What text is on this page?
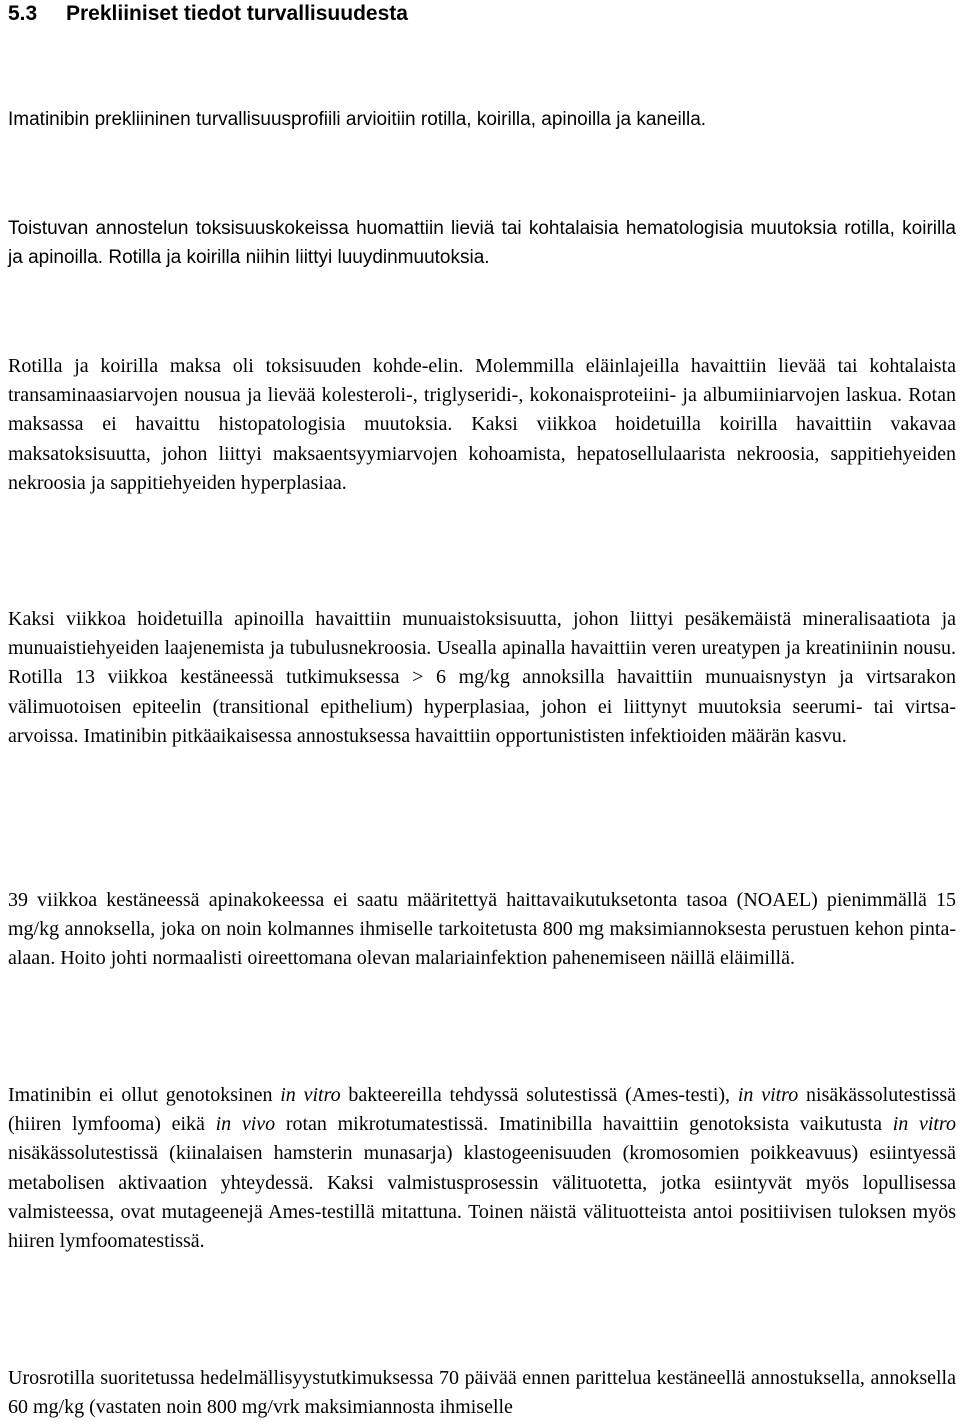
5.3 Prekliiniset tiedot turvallisuudesta

Imatinibin prekliininen turvallisuusprofiili arvioitiin rotilla, koirilla, apinoilla ja kaneilla.

Toistuvan annostelun toksisuuskokeissa huomattiin lieviä tai kohtalaisia hematologisia muutoksia rotilla, koirilla ja apinoilla. Rotilla ja koirilla niihin liittyi luuydinmuutoksia.

Rotilla ja koirilla maksa oli toksisuuden kohde-elin. Molemmilla eläinlajeilla havaittiin lievää tai kohtalaista transaminaasiarvojen nousua ja lievää kolesteroli-, triglyseridi-, kokonaisproteiini- ja albumiiniarvojen laskua. Rotan maksassa ei havaittu histopatologisia muutoksia. Kaksi viikkoa hoidetuilla koirilla havaittiin vakavaa maksatoksisuutta, johon liittyi maksaentsyymiarvojen kohoamista, hepatosellulaarista nekroosia, sappitiehyeiden nekroosia ja sappitiehyeiden hyperplasiaa.

Kaksi viikkoa hoidetuilla apinoilla havaittiin munuaistoksisuutta, johon liittyi pesäkemäistä mineralisaatiota ja munuaistiehyeiden laajenemista ja tubulusnekroosia. Usealla apinalla havaittiin veren ureatypen ja kreatiniinin nousu. Rotilla 13 viikkoa kestäneessä tutkimuksessa > 6 mg/kg annoksilla havaittiin munuaisnystyn ja virtsarakon välimuotoisen epiteelin (transitional epithelium) hyperplasiaa, johon ei liittynyt muutoksia seerumi- tai virtsa-arvoissa. Imatinibin pitkäaikaisessa annostuksessa havaittiin opportunististen infektioiden määrän kasvu.

39 viikkoa kestäneessä apinakokeessa ei saatu määritettyä haittavaikutuksetonta tasoa (NOAEL) pienimmällä 15 mg/kg annoksella, joka on noin kolmannes ihmiselle tarkoitetusta 800 mg maksimiannoksesta perustuen kehon pinta-alaan. Hoito johti normaalisti oireettomana olevan malariainfektion pahenemiseen näillä eläimillä.

Imatinibin ei ollut genotoksinen in vitro bakteereilla tehdyssä solutestissä (Ames-testi), in vitro nisäkässolutestissä (hiiren lymfooma) eikä in vivo rotan mikrotumatestissä. Imatinibilla havaittiin genotoksista vaikutusta in vitro nisäkässolutestissä (kiinalaisen hamsterin munasarja) klastogeenisuuden (kromosomien poikkeavuus) esiintyessä metabolisen aktivaation yhteydessä. Kaksi valmistusprosessin välituotetta, jotka esiintyvät myös lopullisessa valmisteessa, ovat mutageenejä Ames-testillä mitattuna. Toinen näistä välituotteista antoi positiivisen tuloksen myös hiiren lymfoomatestissä.

Urosrotilla suoritetussa hedelmällisyystutkimuksessa 70 päivää ennen parittelua kestäneellä annostuksella, annoksella 60 mg/kg (vastaten noin 800 mg/vrk maksimiannosta ihmiselle
